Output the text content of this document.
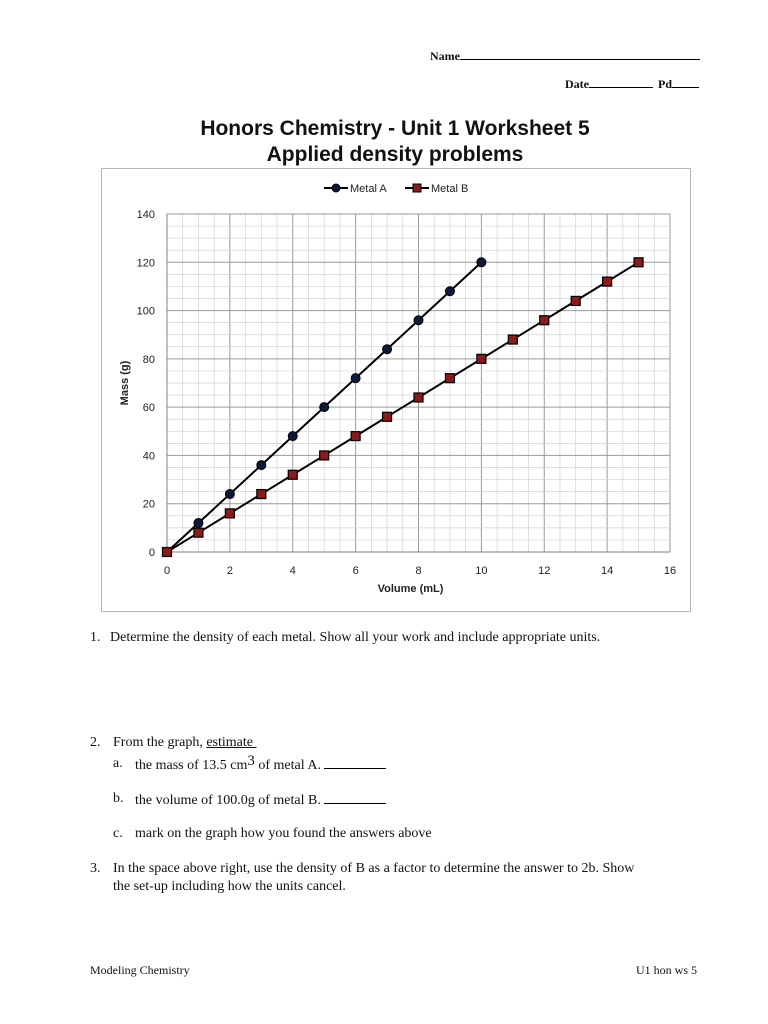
Name
Date	Pd
Honors Chemistry - Unit 1 Worksheet 5
Applied density problems
0	2	4	6	8	10	12	14	16
0
20
40
60
80
100
120
140
Volume (mL)
Mass (g)
Metal A	Metal B
1. Determine the density of each metal. Show all your work and include appropriate units.
2. From the graph, estimate
a. the mass of 13.5 $cm^3$ of metal A.
b. the volume of 100.0g of metal B.
c. mark on the graph how you found the answers above
3. In the space above right, use the density of B as a factor to determine the answer to 2b. Show
the set-up including how the units cancel.
Modeling Chemistry	U1 hon ws 5
